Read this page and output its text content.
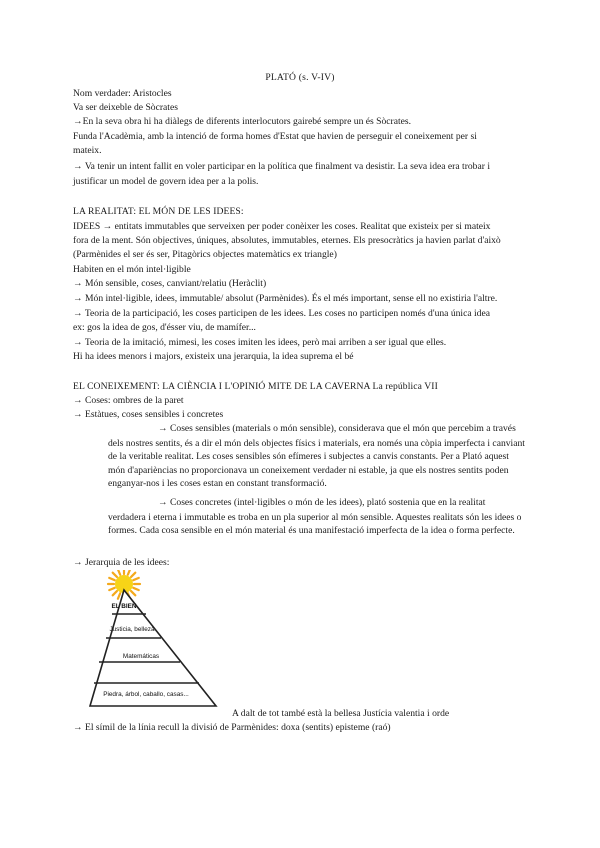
PLATÓ (s. V-IV)
Nom verdader: Aristocles
Va ser deixeble de Sòcrates
→En la seva obra hi ha diàlegs de diferents interlocutors gairebé sempre un és Sòcrates.
Funda l'Acadèmia, amb la intenció de forma homes d'Estat que havien de perseguir el coneixement per si
mateix.
→ Va tenir un intent fallit en voler participar en la política que finalment va desistir. La seva idea era trobar i
justificar un model de govern idea per a la polis.
LA REALITAT: EL MÓN DE LES IDEES:
IDEES → entitats immutables que serveixen per poder conèixer les coses. Realitat que existeix per si mateix
fora de la ment. Són objectives, úniques, absolutes, immutables, eternes. Els presocràtics ja havien parlat d'això
(Parmènides el ser és ser, Pitagòrics objectes matemàtics ex triangle)
Habiten en el món intel·ligible
→ Món sensible, coses, canviant/relatiu (Heràclit)
→ Món intel·ligible, idees, immutable/ absolut (Parmènides). És el més important, sense ell no existiria l'altre.
→ Teoria de la participació, les coses participen de les idees. Les coses no participen només d'una única idea
ex: gos la idea de gos, d'ésser viu, de mamífer...
→ Teoria de la imitació, mimesi, les coses imiten les idees, però mai arriben a ser igual que elles.
Hi ha idees menors i majors, existeix una jerarquia, la idea suprema el bé
EL CONEIXEMENT: LA CIÈNCIA I L'OPINIÓ MITE DE LA CAVERNA La república VII
→ Coses: ombres de la paret
→ Estàtues, coses sensibles i concretes
→ Coses sensibles (materials o món sensible), considerava que el món que percebim a través
dels nostres sentits, és a dir el món dels objectes físics i materials, era només una còpia imperfecta i canviant de la veritable realitat. Les coses sensibles són efímeres i subjectes a canvis constants. Per a Plató aquest món d'aparièncias no proporcionava un coneixement verdader ni estable, ja que els nostres sentits poden enganyar-nos i les coses estan en constant transformació.
→ Coses concretes (intel·ligibles o món de les idees), plató sostenia que en la realitat
verdadera i eterna i immutable es troba en un pla superior al món sensible. Aquestes realitats són les idees o formes. Cada cosa sensible en el món material és una manifestació imperfecta de la idea o forma perfecte.
→ Jerarquia de les idees:
EL BIEN
Justicia, belleza
Matemáticas
Piedra, árbol, caballo, casas...
A dalt de tot també està la bellesa Justícia valentia i orde
→ El símil de la línia recull la divisió de Parmènides: doxa (sentits) episteme (raó)
